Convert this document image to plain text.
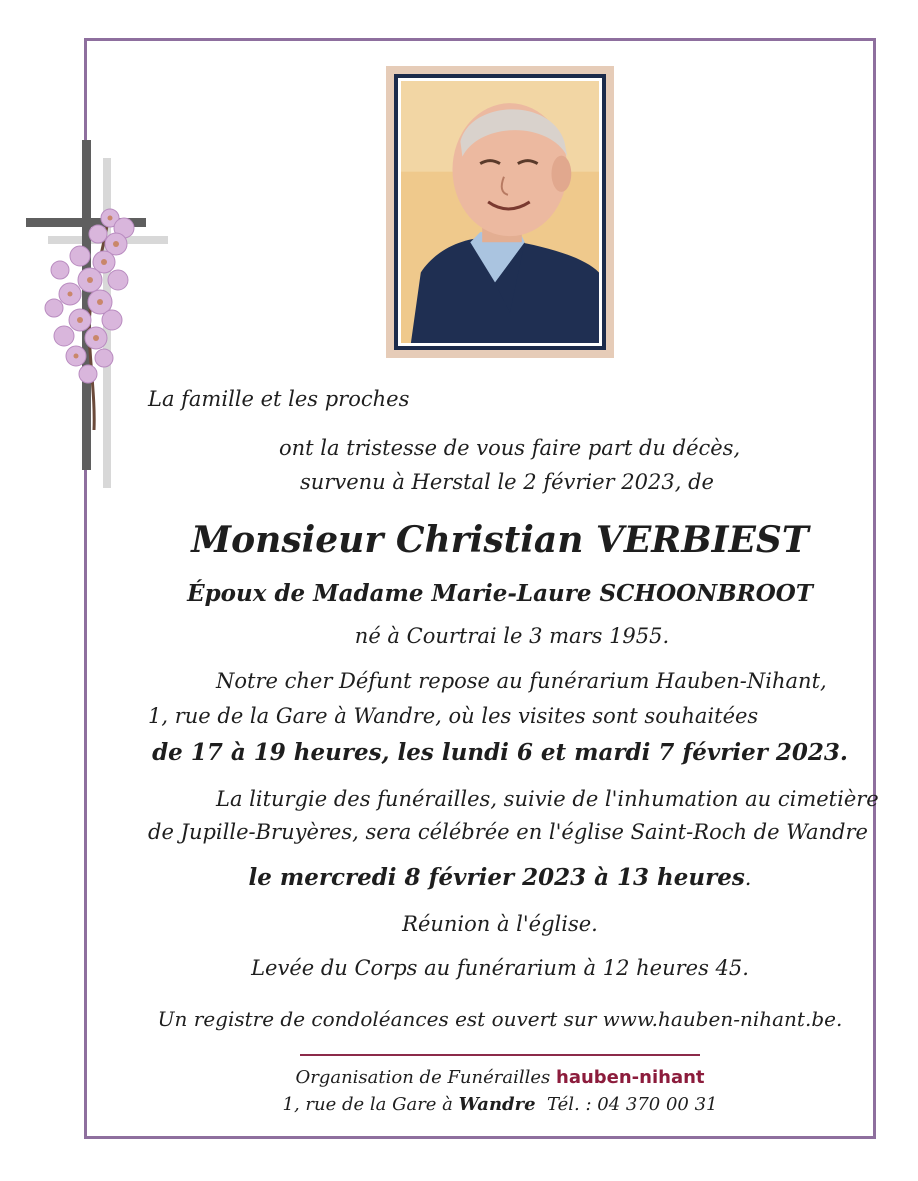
La famille et les proches
ont la tristesse de vous faire part du décès,
survenu à Herstal le 2 février 2023, de
Monsieur Christian VERBIEST
Époux de Madame Marie-Laure SCHOONBROOT
né à Courtrai le 3 mars 1955.
Notre cher Défunt repose au funérarium Hauben-Nihant,
1, rue de la Gare à Wandre, où les visites sont souhaitées
de 17 à 19 heures, les lundi 6 et mardi 7 février 2023.
La liturgie des funérailles, suivie de l'inhumation au cimetière
de Jupille-Bruyères, sera célébrée en l'église Saint-Roch de Wandre
le mercredi 8 février 2023 à 13 heures.
Réunion à l'église.
Levée du Corps au funérarium à 12 heures 45.
Un registre de condoléances est ouvert sur www.hauben-nihant.be.
Organisation de Funérailles hauben-nihant
1, rue de la Gare à Wandre  Tél. : 04 370 00 31
